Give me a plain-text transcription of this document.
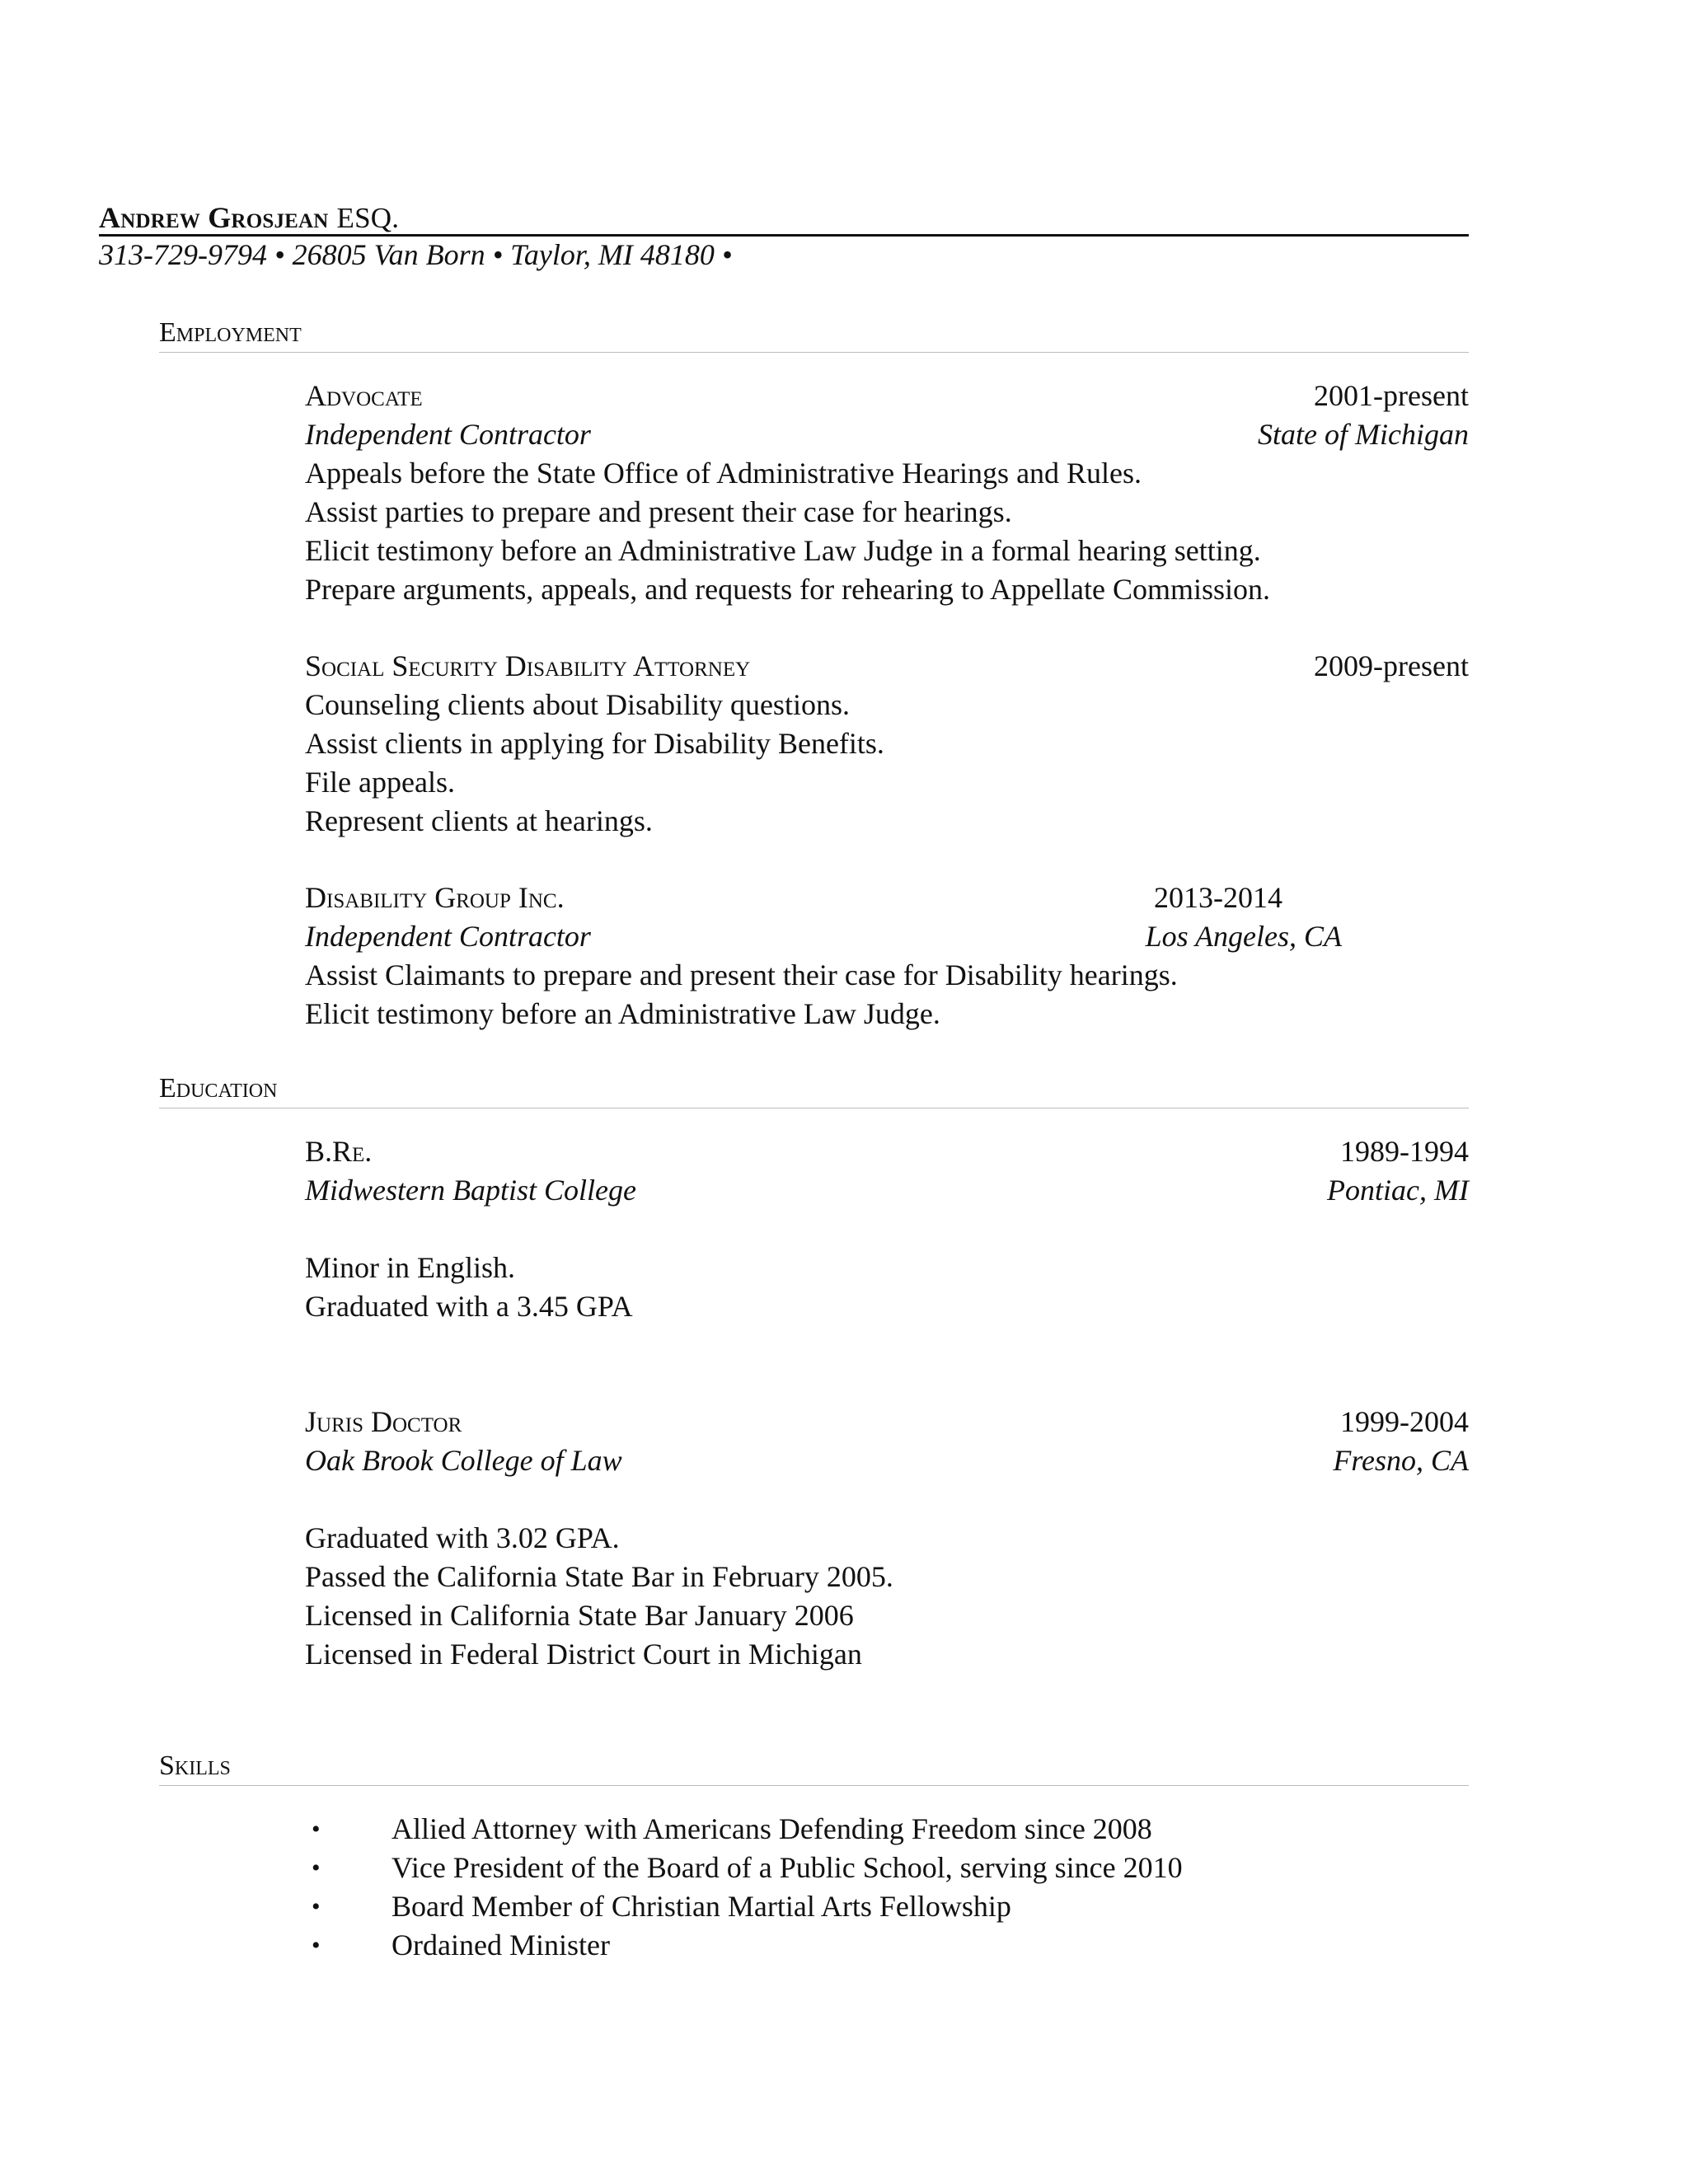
Andrew Grosjean ESQ.
313-729-9794 • 26805 Van Born • Taylor, MI 48180 •
Employment
Advocate	2001-present
Independent Contractor	State of Michigan
Appeals before the State Office of Administrative Hearings and Rules.
Assist parties to prepare and present their case for hearings.
Elicit testimony before an Administrative Law Judge in a formal hearing setting.
Prepare arguments, appeals, and requests for rehearing to Appellate Commission.
Social Security Disability Attorney	2009-present
Counseling clients about Disability questions.
Assist clients in applying for Disability Benefits.
File appeals.
Represent clients at hearings.
Disability Group Inc.	2013-2014
Independent Contractor	Los Angeles, CA
Assist Claimants to prepare and present their case for Disability hearings.
Elicit testimony before an Administrative Law Judge.
Education
B.Re.	1989-1994
Midwestern Baptist College	Pontiac, MI
Minor in English.
Graduated with a 3.45 GPA
Juris Doctor	1999-2004
Oak Brook College of Law	Fresno, CA
Graduated with 3.02 GPA.
Passed the California State Bar in February 2005.
Licensed in California State Bar January 2006
Licensed in Federal District Court in Michigan
Skills
• Allied Attorney with Americans Defending Freedom since 2008
• Vice President of the Board of a Public School, serving since 2010
• Board Member of Christian Martial Arts Fellowship
• Ordained Minister
